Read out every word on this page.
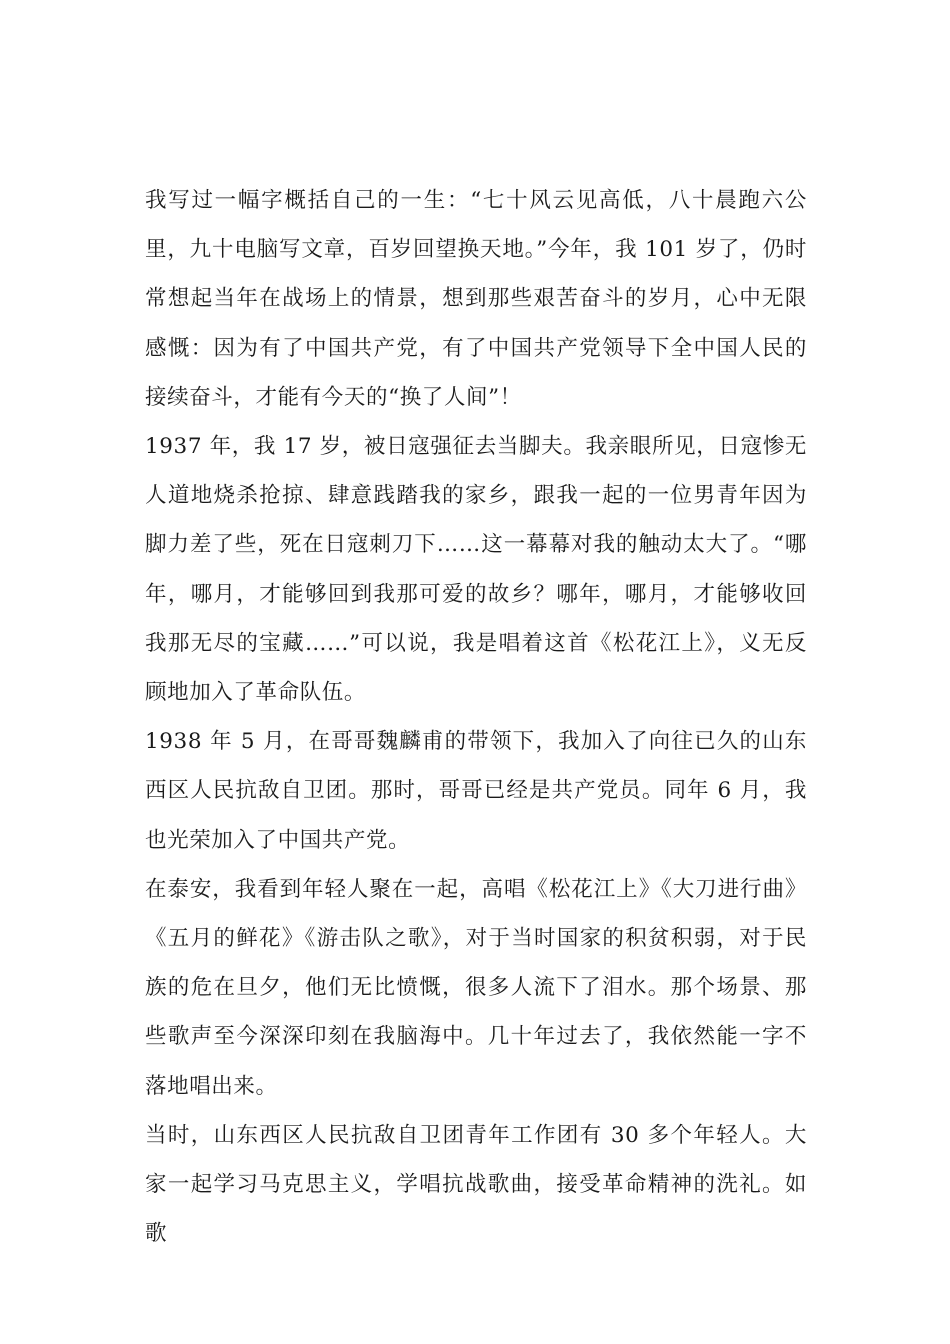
我写过一幅字概括自己的一生：“七十风云见高低，八十晨跑六公里，九十电脑写文章，百岁回望换天地。”今年，我 101 岁了，仍时常想起当年在战场上的情景，想到那些艰苦奋斗的岁月，心中无限感慨：因为有了中国共产党，有了中国共产党领导下全中国人民的接续奋斗，才能有今天的“换了人间”！

1937 年，我 17 岁，被日寇强征去当脚夫。我亲眼所见，日寇惨无人道地烧杀抢掠、肆意践踏我的家乡，跟我一起的一位男青年因为脚力差了些，死在日寇刺刀下……这一幕幕对我的触动太大了。“哪年，哪月，才能够回到我那可爱的故乡？哪年，哪月，才能够收回我那无尽的宝藏……”可以说，我是唱着这首《松花江上》，义无反顾地加入了革命队伍。

1938 年 5 月，在哥哥魏麟甫的带领下，我加入了向往已久的山东西区人民抗敌自卫团。那时，哥哥已经是共产党员。同年 6 月，我也光荣加入了中国共产党。

在泰安，我看到年轻人聚在一起，高唱《松花江上》《大刀进行曲》《五月的鲜花》《游击队之歌》，对于当时国家的积贫积弱，对于民族的危在旦夕，他们无比愤慨，很多人流下了泪水。那个场景、那些歌声至今深深印刻在我脑海中。几十年过去了，我依然能一字不落地唱出来。

当时，山东西区人民抗敌自卫团青年工作团有 30 多个年轻人。大家一起学习马克思主义，学唱抗战歌曲，接受革命精神的洗礼。如歌
